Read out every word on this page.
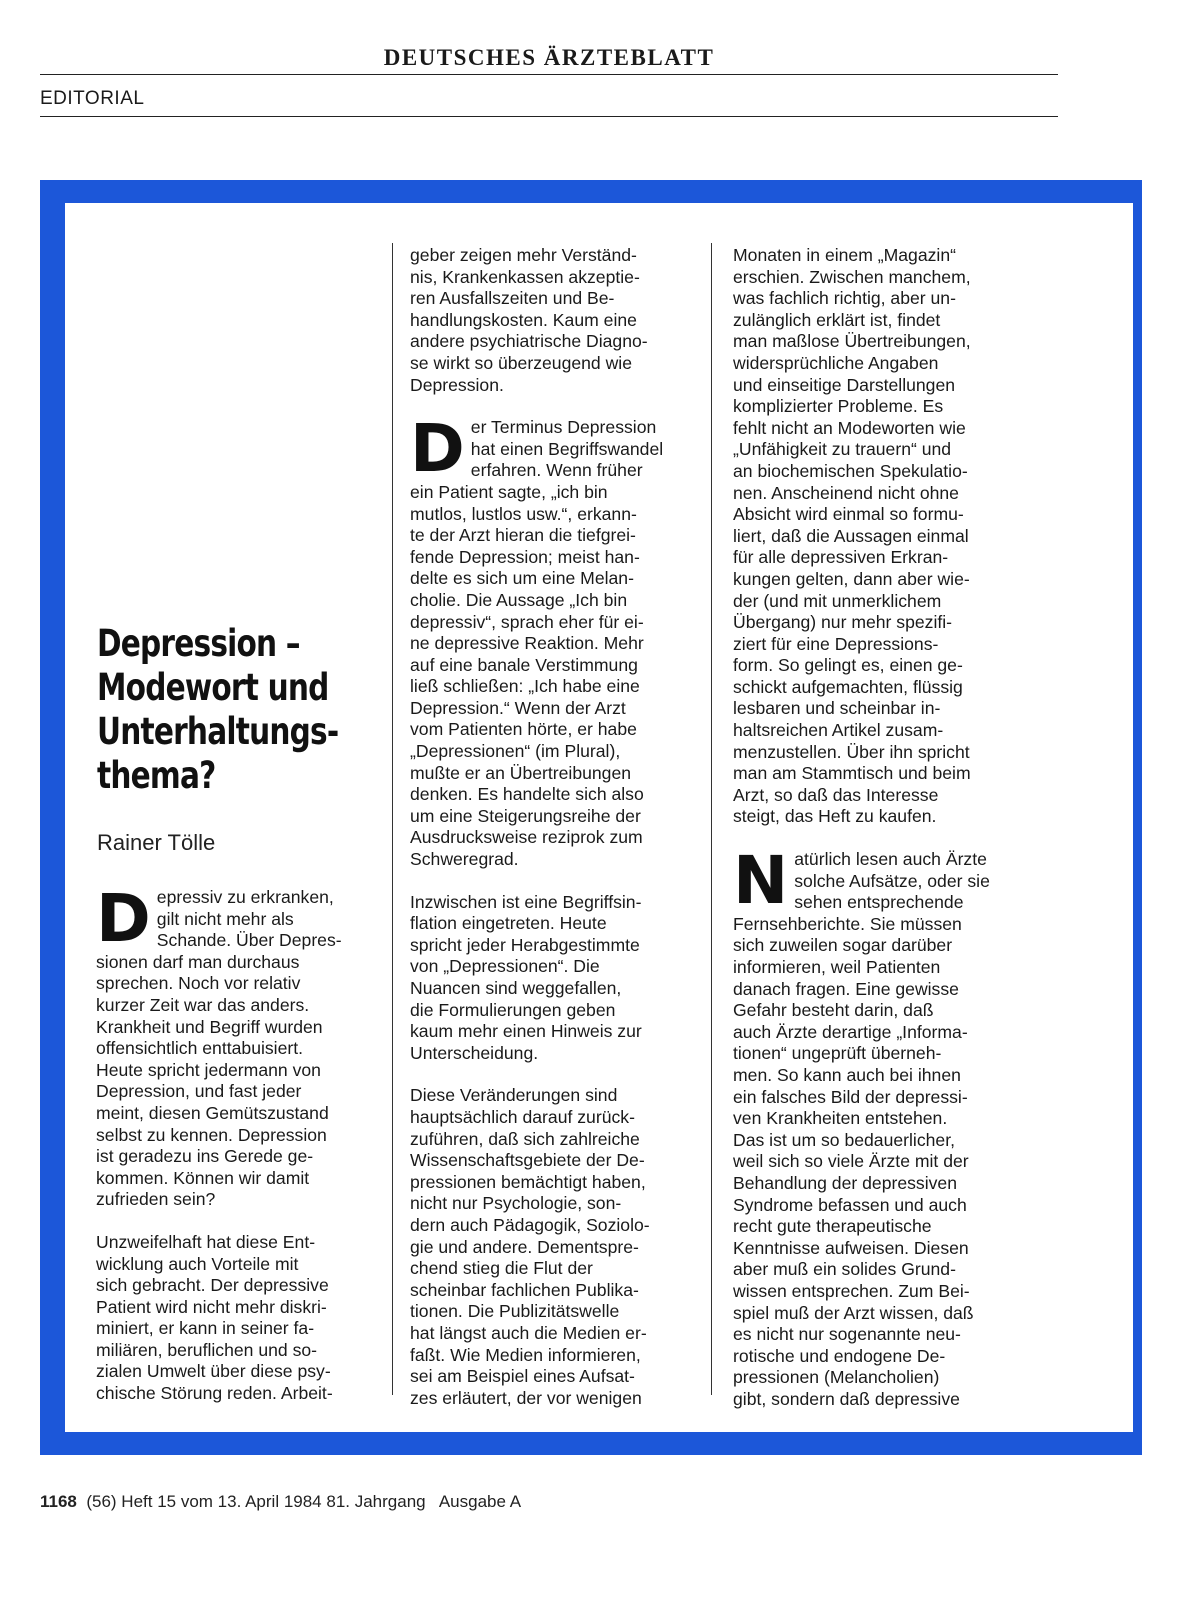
DEUTSCHES ÄRZTEBLATT
EDITORIAL
Depression –
Modewort und
Unterhaltungs-
thema?
Rainer Tölle

D epressiv zu erkranken,
gilt nicht mehr als
Schande. Über Depres-
sionen darf man durchaus
sprechen. Noch vor relativ
kurzer Zeit war das anders.
Krankheit und Begriff wurden
offensichtlich enttabuisiert.
Heute spricht jedermann von
Depression, und fast jeder
meint, diesen Gemütszustand
selbst zu kennen. Depression
ist geradezu ins Gerede ge-
kommen. Können wir damit
zufrieden sein?

Unzweifelhaft hat diese Ent-
wicklung auch Vorteile mit
sich gebracht. Der depressive
Patient wird nicht mehr diskri-
miniert, er kann in seiner fa-
miliären, beruflichen und so-
zialen Umwelt über diese psy-
chische Störung reden. Arbeit-

geber zeigen mehr Verständ-
nis, Krankenkassen akzeptie-
ren Ausfallszeiten und Be-
handlungskosten. Kaum eine
andere psychiatrische Diagno-
se wirkt so überzeugend wie
Depression.

D er Terminus Depression
hat einen Begriffswandel
erfahren. Wenn früher
ein Patient sagte, „ich bin
mutlos, lustlos usw.“, erkann-
te der Arzt hieran die tiefgrei-
fende Depression; meist han-
delte es sich um eine Melan-
cholie. Die Aussage „Ich bin
depressiv“, sprach eher für ei-
ne depressive Reaktion. Mehr
auf eine banale Verstimmung
ließ schließen: „Ich habe eine
Depression.“ Wenn der Arzt
vom Patienten hörte, er habe
„Depressionen“ (im Plural),
mußte er an Übertreibungen
denken. Es handelte sich also
um eine Steigerungsreihe der
Ausdrucksweise reziprok zum
Schweregrad.

Inzwischen ist eine Begriffsin-
flation eingetreten. Heute
spricht jeder Herabgestimmte
von „Depressionen“. Die
Nuancen sind weggefallen,
die Formulierungen geben
kaum mehr einen Hinweis zur
Unterscheidung.

Diese Veränderungen sind
hauptsächlich darauf zurück-
zuführen, daß sich zahlreiche
Wissenschaftsgebiete der De-
pressionen bemächtigt haben,
nicht nur Psychologie, son-
dern auch Pädagogik, Soziolo-
gie und andere. Dementspre-
chend stieg die Flut der
scheinbar fachlichen Publika-
tionen. Die Publizitätswelle
hat längst auch die Medien er-
faßt. Wie Medien informieren,
sei am Beispiel eines Aufsat-
zes erläutert, der vor wenigen

Monaten in einem „Magazin“
erschien. Zwischen manchem,
was fachlich richtig, aber un-
zulänglich erklärt ist, findet
man maßlose Übertreibungen,
widersprüchliche Angaben
und einseitige Darstellungen
komplizierter Probleme. Es
fehlt nicht an Modeworten wie
„Unfähigkeit zu trauern“ und
an biochemischen Spekulatio-
nen. Anscheinend nicht ohne
Absicht wird einmal so formu-
liert, daß die Aussagen einmal
für alle depressiven Erkran-
kungen gelten, dann aber wie-
der (und mit unmerklichem
Übergang) nur mehr spezifi-
ziert für eine Depressions-
form. So gelingt es, einen ge-
schickt aufgemachten, flüssig
lesbaren und scheinbar in-
haltsreichen Artikel zusam-
menzustellen. Über ihn spricht
man am Stammtisch und beim
Arzt, so daß das Interesse
steigt, das Heft zu kaufen.

N atürlich lesen auch Ärzte
solche Aufsätze, oder sie
sehen entsprechende
Fernsehberichte. Sie müssen
sich zuweilen sogar darüber
informieren, weil Patienten
danach fragen. Eine gewisse
Gefahr besteht darin, daß
auch Ärzte derartige „Informa-
tionen“ ungeprüft übernеh-
men. So kann auch bei ihnen
ein falsches Bild der depressi-
ven Krankheiten entstehen.
Das ist um so bedauerlicher,
weil sich so viele Ärzte mit der
Behandlung der depressiven
Syndrome befassen und auch
recht gute therapeutische
Kenntnisse aufweisen. Diesen
aber muß ein solides Grund-
wissen entsprechen. Zum Bei-
spiel muß der Arzt wissen, daß
es nicht nur sogenannte neu-
rotische und endogene De-
pressionen (Melancholien)
gibt, sondern daß depressive

1168 (56) Heft 15 vom 13. April 1984 81. Jahrgang   Ausgabe A
